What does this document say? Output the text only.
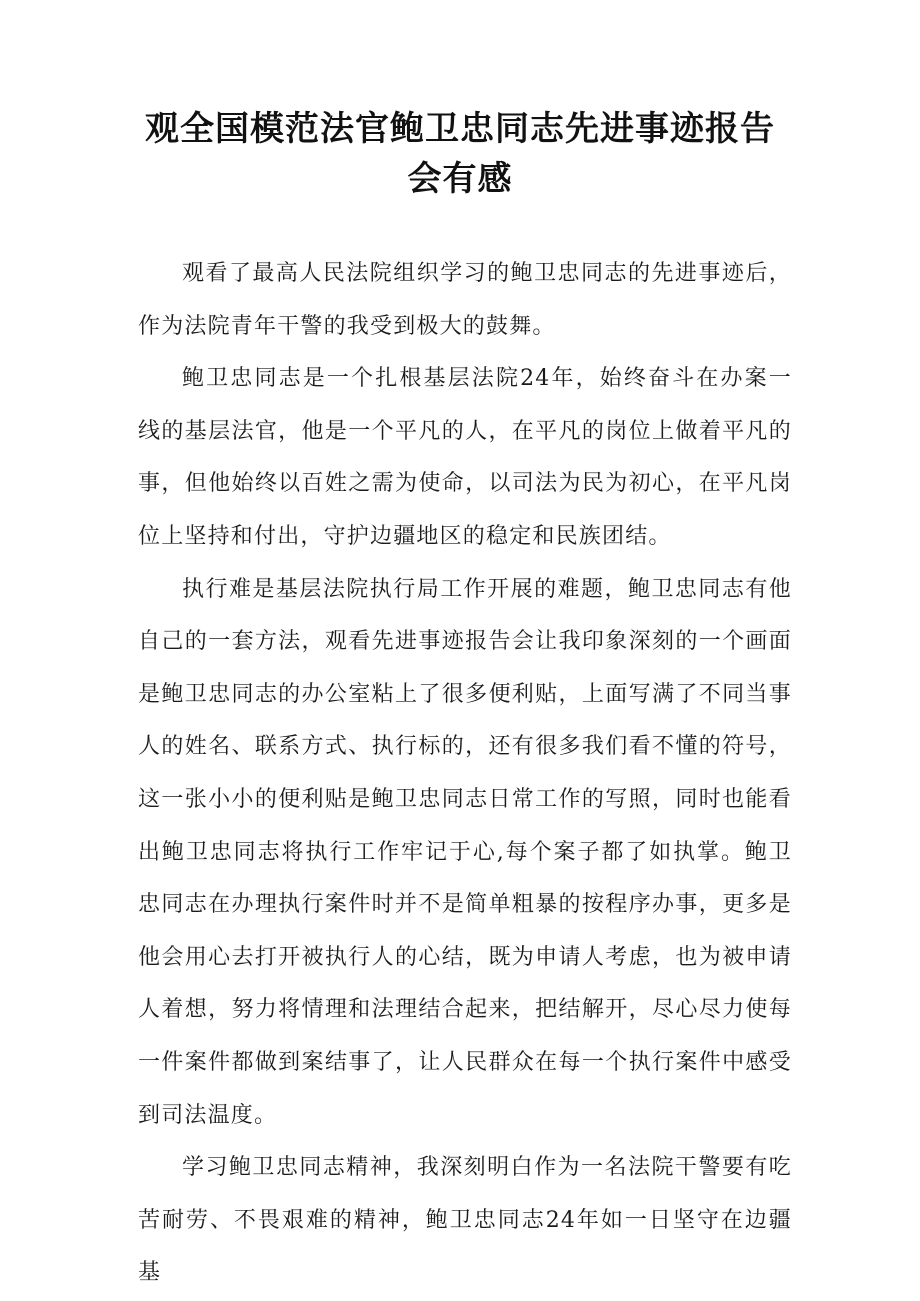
观全国模范法官鲍卫忠同志先进事迹报告
会有感

观看了最高人民法院组织学习的鲍卫忠同志的先进事迹后，作为法院青年干警的我受到极大的鼓舞。

鲍卫忠同志是一个扎根基层法院24年，始终奋斗在办案一线的基层法官，他是一个平凡的人，在平凡的岗位上做着平凡的事，但他始终以百姓之需为使命，以司法为民为初心，在平凡岗位上坚持和付出，守护边疆地区的稳定和民族团结。

执行难是基层法院执行局工作开展的难题，鲍卫忠同志有他自己的一套方法，观看先进事迹报告会让我印象深刻的一个画面是鲍卫忠同志的办公室粘上了很多便利贴，上面写满了不同当事人的姓名、联系方式、执行标的，还有很多我们看不懂的符号，这一张小小的便利贴是鲍卫忠同志日常工作的写照，同时也能看出鲍卫忠同志将执行工作牢记于心,每个案子都了如执掌。鲍卫忠同志在办理执行案件时并不是简单粗暴的按程序办事，更多是他会用心去打开被执行人的心结，既为申请人考虑，也为被申请人着想，努力将情理和法理结合起来，把结解开，尽心尽力使每一件案件都做到案结事了，让人民群众在每一个执行案件中感受到司法温度。

学习鲍卫忠同志精神，我深刻明白作为一名法院干警要有吃苦耐劳、不畏艰难的精神，鲍卫忠同志24年如一日坚守在边疆基
